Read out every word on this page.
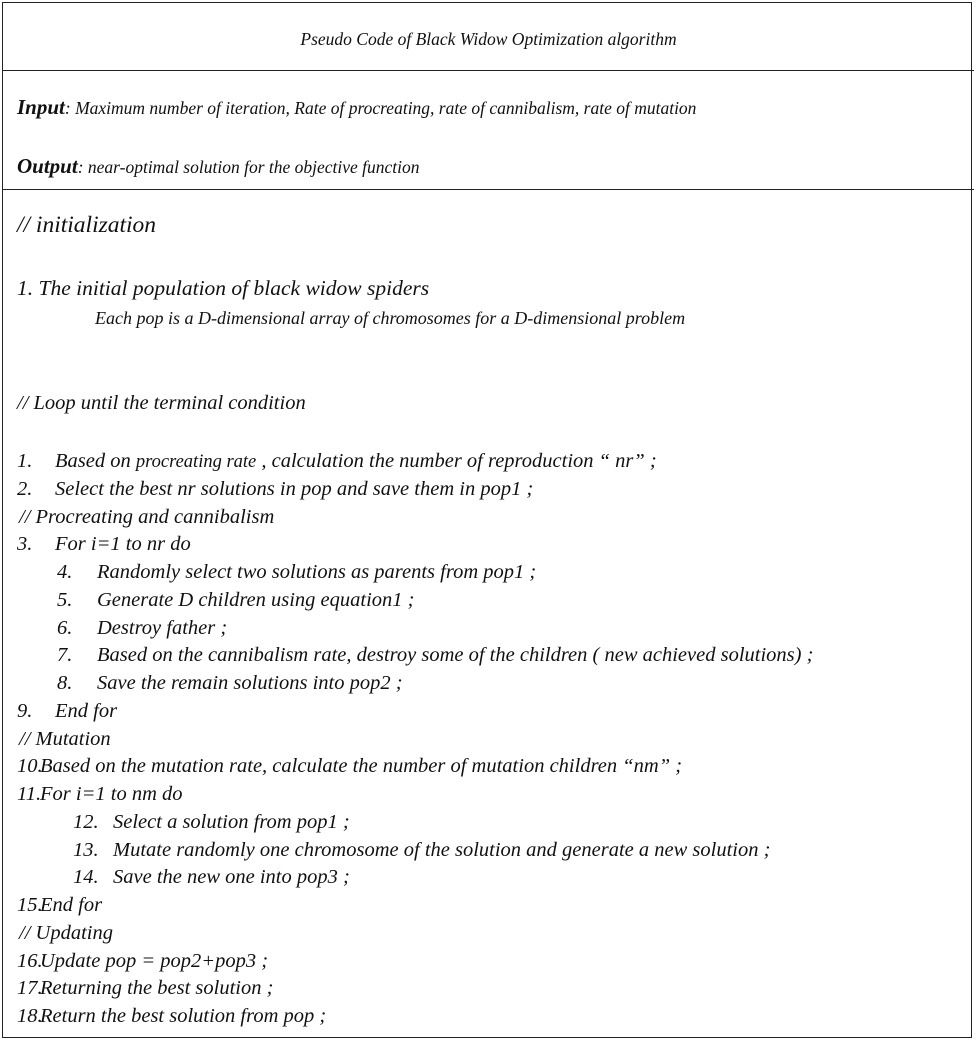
Pseudo Code of Black Widow Optimization algorithm
Input: Maximum number of iteration, Rate of procreating, rate of cannibalism, rate of mutation
Output: near-optimal solution for the objective function
// initialization
1. The initial population of black widow spiders
Each pop is a D-dimensional array of chromosomes for a D-dimensional problem
// Loop until the terminal condition
1. Based on procreating rate , calculation the number of reproduction “ nr” ;
2. Select the best nr solutions in pop and save them in pop1 ;
// Procreating and cannibalism
3. For i=1 to nr do
4. Randomly select two solutions as parents from pop1 ;
5. Generate D children using equation1 ;
6. Destroy father ;
7. Based on the cannibalism rate, destroy some of the children ( new achieved solutions) ;
8. Save the remain solutions into pop2 ;
9. End for
// Mutation
10.
Based on the mutation rate, calculate the number of mutation children “nm” ;
11.
For i=1 to nm do
12. Select a solution from pop1 ;
13. Mutate randomly one chromosome of the solution and generate a new solution ;
14. Save the new one into pop3 ;
15.
End for
// Updating
16.
Update pop = pop2+pop3 ;
17.
Returning the best solution ;
18.
Return the best solution from pop ;
